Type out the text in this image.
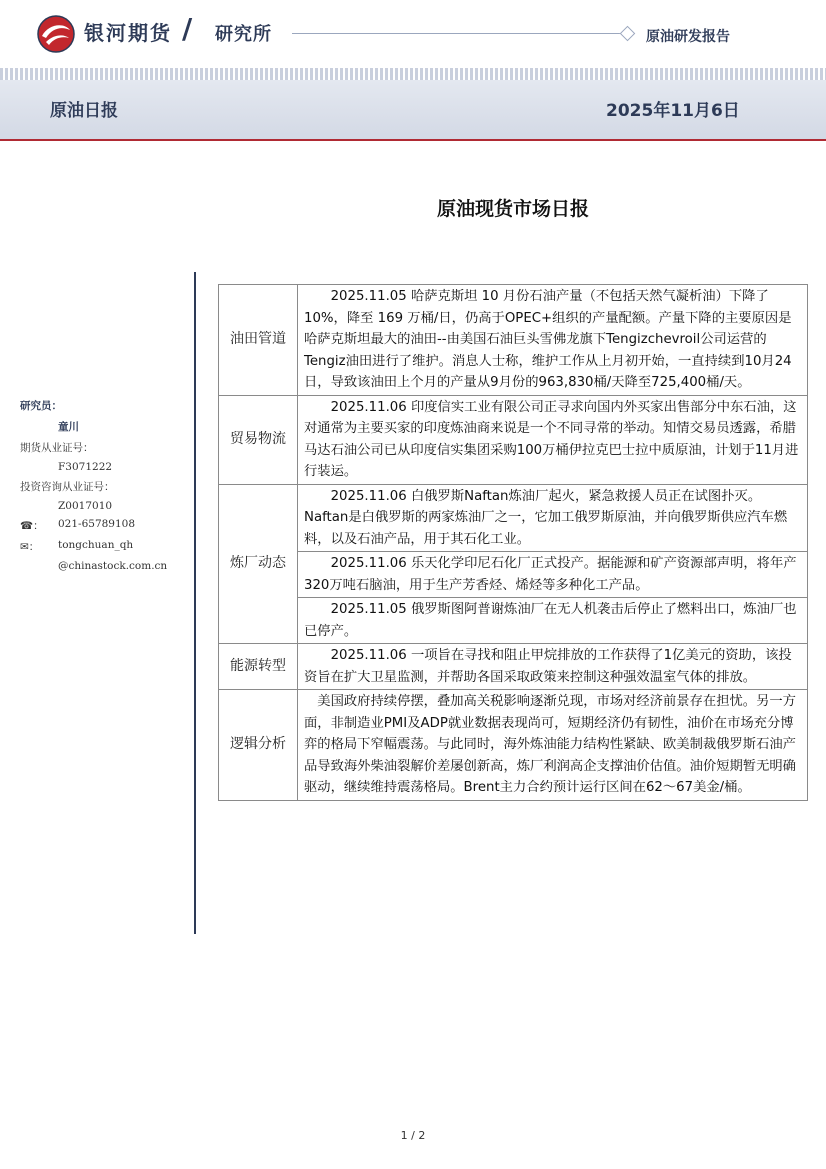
银河期货 / 研究所	原油研发报告
原油日报	2025年11月6日
研究员：
童川
期货从业证号：
F3071222
投资咨询从业证号：
Z0017010
☎：	021-65789108
✉：	tongchuan_qh
@chinastock.com.cn
原油现货市场日报
油田管道	2025.11.05 哈萨克斯坦 10 月份石油产量（不包括天然气凝析油）下降了 10%，降至 169 万桶/日，仍高于OPEC+组织的产量配额。产量下降的主要原因是哈萨克斯坦最大的油田--由美国石油巨头雪佛龙旗下Tengizchevroil公司运营的Tengiz油田进行了维护。消息人士称，维护工作从上月初开始，一直持续到10月24日，导致该油田上个月的产量从9月份的963,830桶/天降至725,400桶/天。
贸易物流	2025.11.06 印度信实工业有限公司正寻求向国内外买家出售部分中东石油，这对通常为主要买家的印度炼油商来说是一个不同寻常的举动。知情交易员透露，希腊马达石油公司已从印度信实集团采购100万桶伊拉克巴士拉中质原油，计划于11月进行装运。
炼厂动态	2025.11.06 白俄罗斯Naftan炼油厂起火，紧急救援人员正在试图扑灭。Naftan是白俄罗斯的两家炼油厂之一，它加工俄罗斯原油，并向俄罗斯供应汽车燃料，以及石油产品，用于其石化工业。
	2025.11.06 乐天化学印尼石化厂正式投产。据能源和矿产资源部声明，将年产320万吨石脑油，用于生产芳香烃、烯烃等多种化工产品。
	2025.11.05 俄罗斯图阿普谢炼油厂在无人机袭击后停止了燃料出口，炼油厂也已停产。
能源转型	2025.11.06 一项旨在寻找和阻止甲烷排放的工作获得了1亿美元的资助，该投资旨在扩大卫星监测，并帮助各国采取政策来控制这种强效温室气体的排放。
逻辑分析	美国政府持续停摆，叠加高关税影响逐渐兑现，市场对经济前景存在担忧。另一方面，非制造业PMI及ADP就业数据表现尚可，短期经济仍有韧性，油价在市场充分博弈的格局下窄幅震荡。与此同时，海外炼油能力结构性紧缺、欧美制裁俄罗斯石油产品导致海外柴油裂解价差屡创新高，炼厂利润高企支撑油价估值。油价短期暂无明确驱动，继续维持震荡格局。Brent主力合约预计运行区间在62～67美金/桶。
1 / 2
